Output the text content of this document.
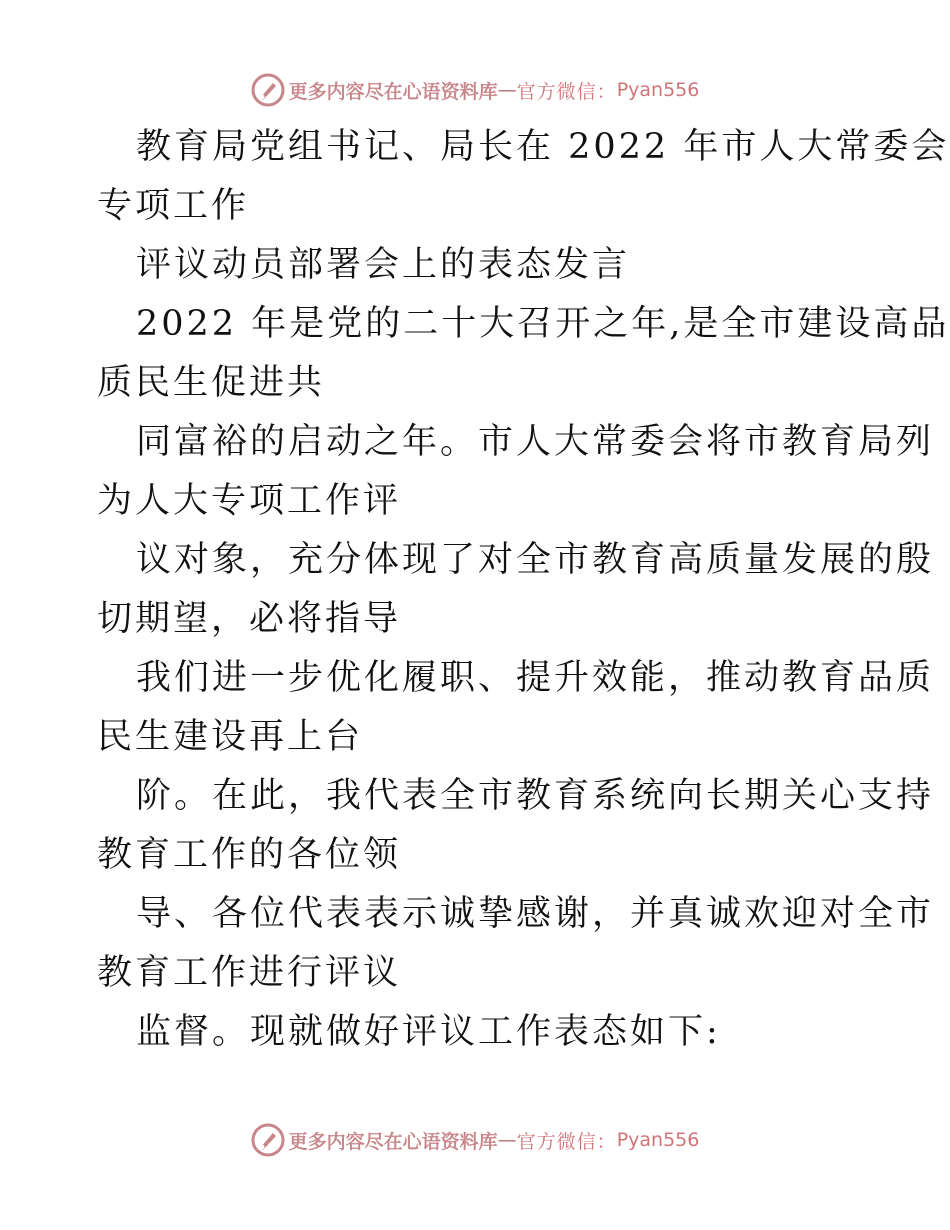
更多内容尽在心语资料库 — 官方微信： Pyan556
教育局党组书记、局长在 2022 年市人大常委会
专项工作
评议动员部署会上的表态发言
2022 年是党的二十大召开之年,是全市建设高品
质民生促进共
同富裕的启动之年。市人大常委会将市教育局列
为人大专项工作评
议对象，充分体现了对全市教育高质量发展的殷
切期望，必将指导
我们进一步优化履职、提升效能，推动教育品质
民生建设再上台
阶。在此，我代表全市教育系统向长期关心支持
教育工作的各位领
导、各位代表表示诚挚感谢，并真诚欢迎对全市
教育工作进行评议
监督。现就做好评议工作表态如下:
更多内容尽在心语资料库 — 官方微信： Pyan556
